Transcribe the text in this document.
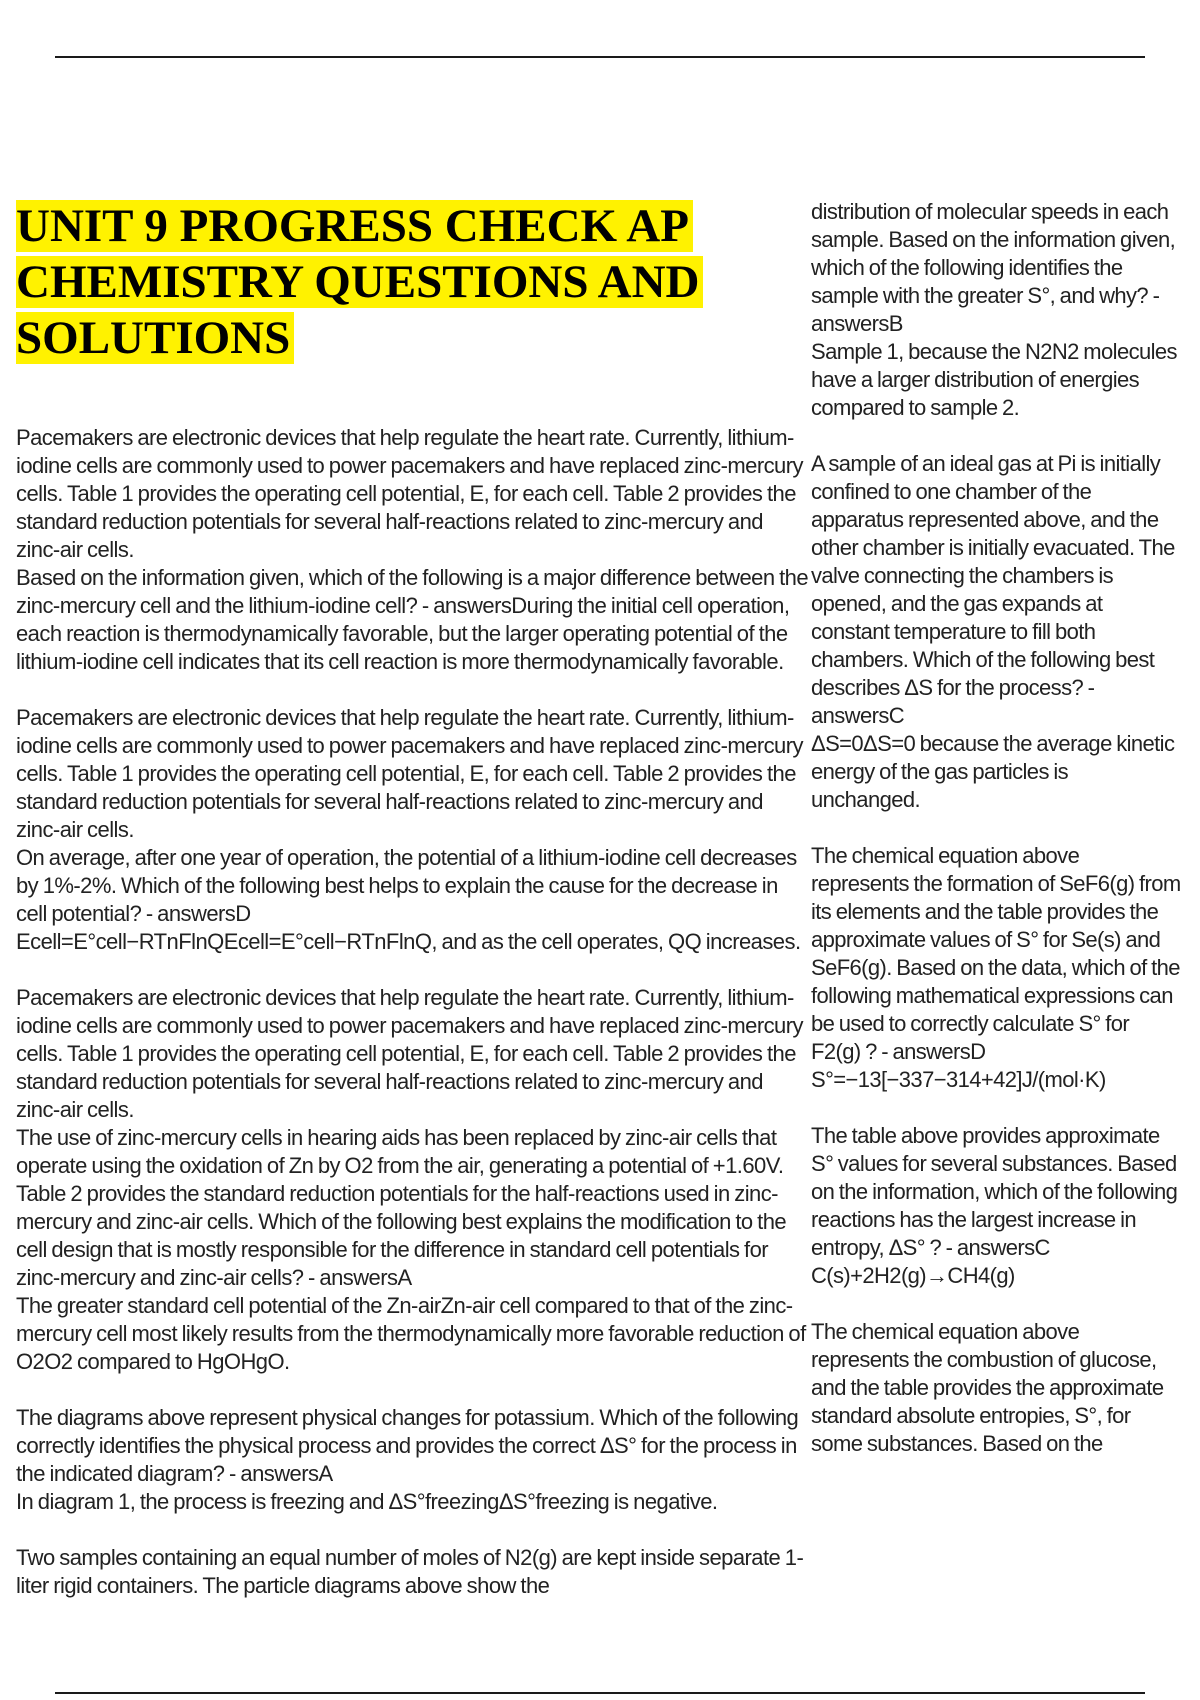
UNIT 9 PROGRESS CHECK AP
CHEMISTRY QUESTIONS AND
SOLUTIONS

Pacemakers are electronic devices that help regulate the heart rate. Currently, lithium-iodine cells are commonly used to power pacemakers and have replaced zinc-mercury cells. Table 1 provides the operating cell potential, E, for each cell. Table 2 provides the standard reduction potentials for several half-reactions related to zinc-mercury and zinc-air cells.
Based on the information given, which of the following is a major difference between the zinc-mercury cell and the lithium-iodine cell? - answersDuring the initial cell operation, each reaction is thermodynamically favorable, but the larger operating potential of the lithium-iodine cell indicates that its cell reaction is more thermodynamically favorable.

Pacemakers are electronic devices that help regulate the heart rate. Currently, lithium-iodine cells are commonly used to power pacemakers and have replaced zinc-mercury cells. Table 1 provides the operating cell potential, E, for each cell. Table 2 provides the standard reduction potentials for several half-reactions related to zinc-mercury and zinc-air cells.
On average, after one year of operation, the potential of a lithium-iodine cell decreases by 1%-2%. Which of the following best helps to explain the cause for the decrease in cell potential? - answersD
Ecell=E°cell−RTnFlnQEcell=E°cell−RTnFlnQ, and as the cell operates, QQ increases.

Pacemakers are electronic devices that help regulate the heart rate. Currently, lithium-iodine cells are commonly used to power pacemakers and have replaced zinc-mercury cells. Table 1 provides the operating cell potential, E, for each cell. Table 2 provides the standard reduction potentials for several half-reactions related to zinc-mercury and zinc-air cells.
The use of zinc-mercury cells in hearing aids has been replaced by zinc-air cells that operate using the oxidation of Zn by O2 from the air, generating a potential of +1.60V. Table 2 provides the standard reduction potentials for the half-reactions used in zinc-mercury and zinc-air cells. Which of the following best explains the modification to the cell design that is mostly responsible for the difference in standard cell potentials for zinc-mercury and zinc-air cells? - answersA
The greater standard cell potential of the Zn-airZn-air cell compared to that of the zinc-mercury cell most likely results from the thermodynamically more favorable reduction of O2O2 compared to HgOHgO.

The diagrams above represent physical changes for potassium. Which of the following correctly identifies the physical process and provides the correct ΔS° for the process in the indicated diagram? - answersA
In diagram 1, the process is freezing and ΔS°freezingΔS°freezing is negative.

Two samples containing an equal number of moles of N2(g) are kept inside separate 1-liter rigid containers. The particle diagrams above show the

distribution of molecular speeds in each sample. Based on the information given, which of the following identifies the sample with the greater S°, and why? - answersB
Sample 1, because the N2N2 molecules have a larger distribution of energies compared to sample 2.

A sample of an ideal gas at Pi is initially confined to one chamber of the apparatus represented above, and the other chamber is initially evacuated. The valve connecting the chambers is opened, and the gas expands at constant temperature to fill both chambers. Which of the following best describes ΔS for the process? - answersC
ΔS=0ΔS=0 because the average kinetic energy of the gas particles is unchanged.

The chemical equation above represents the formation of SeF6(g) from its elements and the table provides the approximate values of S° for Se(s) and SeF6(g). Based on the data, which of the following mathematical expressions can be used to correctly calculate S° for F2(g) ? - answersD
S°=−13[−337−314+42]J/(mol·K)

The table above provides approximate S° values for several substances. Based on the information, which of the following reactions has the largest increase in entropy, ΔS° ? - answersC
C(s)+2H2(g)→CH4(g)

The chemical equation above represents the combustion of glucose, and the table provides the approximate standard absolute entropies, S°, for some substances. Based on the
